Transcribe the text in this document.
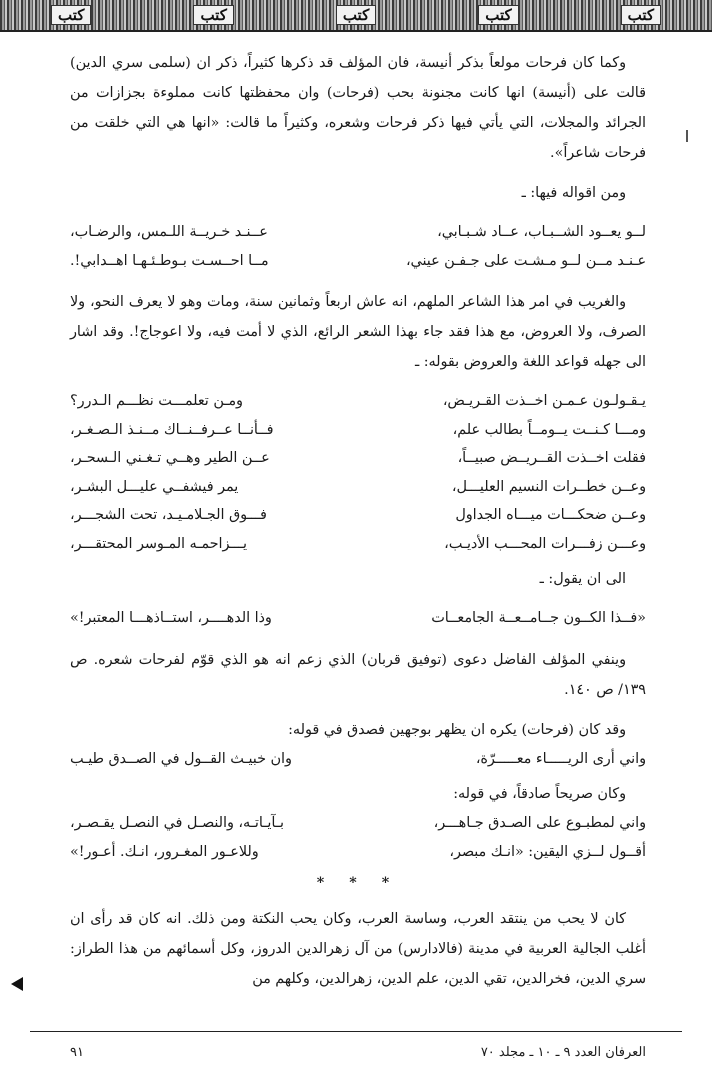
كتب
كتب
كتب
كتب
كتب

وكما كان فرحات مولعاً بذكر أنيسة، فان المؤلف قد ذكرها كثيراً، ذكر ان (سلمى سري الدين) قالت على (أنيسة) انها كانت مجنونة بحب (فرحات) وان محفظتها كانت مملوءة بجزازات من الجرائد والمجلات، التي يأتي فيها ذكر فرحات وشعره، وكثيراً ما قالت: «انها هي التي خلقت من فرحات شاعراً».

ومن اقواله فيها: ـ

لــو يعــود الشــبـاب، عــاد شـبـابي،
عــنـد خـريــة اللـمس، والرضـاب،
عـنـد مــن لــو مـشـت على جـفـن عيني،
مــا احــسـت بـوطـئـهـا اهــدابي!.

والغريب في امر هذا الشاعر الملهم، انه عاش اربعاً وثمانين سنة، ومات وهو لا يعرف النحو، ولا الصرف، ولا العروض، مع هذا فقد جاء بهذا الشعر الرائع، الذي لا أمت فيه، ولا اعوجاج!. وقد اشار الى جهله قواعد اللغة والعروض بقوله: ـ

يـقـولـون عـمـن اخــذت القـريـض،
ومـن تعلمـــت نظـــم الـدرر؟
ومـــا كـنــت يــومــاً بطالب علم،
فــأنــا عــرفــنــاك مــنـذ الـصـغـر،
فقلت اخــذت القــريــض صبيــاً،
عــن الطير وهــي تـغـني الـسحـر،
وعــن خطــرات النسيم العليـــل،
يمر فيشفــي عليـــل البشـر،
وعــن ضحكـــات ميـــاه الجداول
فـــوق الجـلامـيـد، تحت الشجـــر،
وعـــن زفـــرات المحـــب الأديـب،
يـــزاحمـه المـوسر المحتقـــر،

الى ان يقول: ـ

«فــذا الكــون جــامــعــة الجامعــات
وذا الدهــــر، استــاذهـــا المعتبر!»

وينفي المؤلف الفاضل دعوى (توفيق قربان) الذي زعم انه هو الذي قوّم لفرحات شعره. ص ١٣٩/ ص ١٤٠.

وقد كان (فرحات) يكره ان يظهر بوجهين فصدق في قوله:

واني أرى الريـــــاء معـــــرّة،
وان خبيـث القــول في الصــدق طيـب

وكان صريحاً صادقاً، في قوله:

واني لمطبـوع على الصـدق جـاهـــر،
بـآيـاتـه، والنصـل في النصـل يقـصـر،
أقــول لــزي اليقين: «انـك مبصر،
وللاعـور المغـرور، انـك. أعـور!»
* * *

كان لا يحب من ينتقد العرب، وساسة العرب، وكان يحب النكتة ومن ذلك. انه كان قد رأى ان أغلب الجالية العربية في مدينة (فالادارس) من آل زهرالدين الدروز، وكل أسمائهم من هذا الطراز: سري الدين، فخرالدين، تقي الدين، علم الدين، زهرالدين، وكلهم من

العرفان العدد ٩ ـ ١٠ ـ مجلد ٧٠
٩١
